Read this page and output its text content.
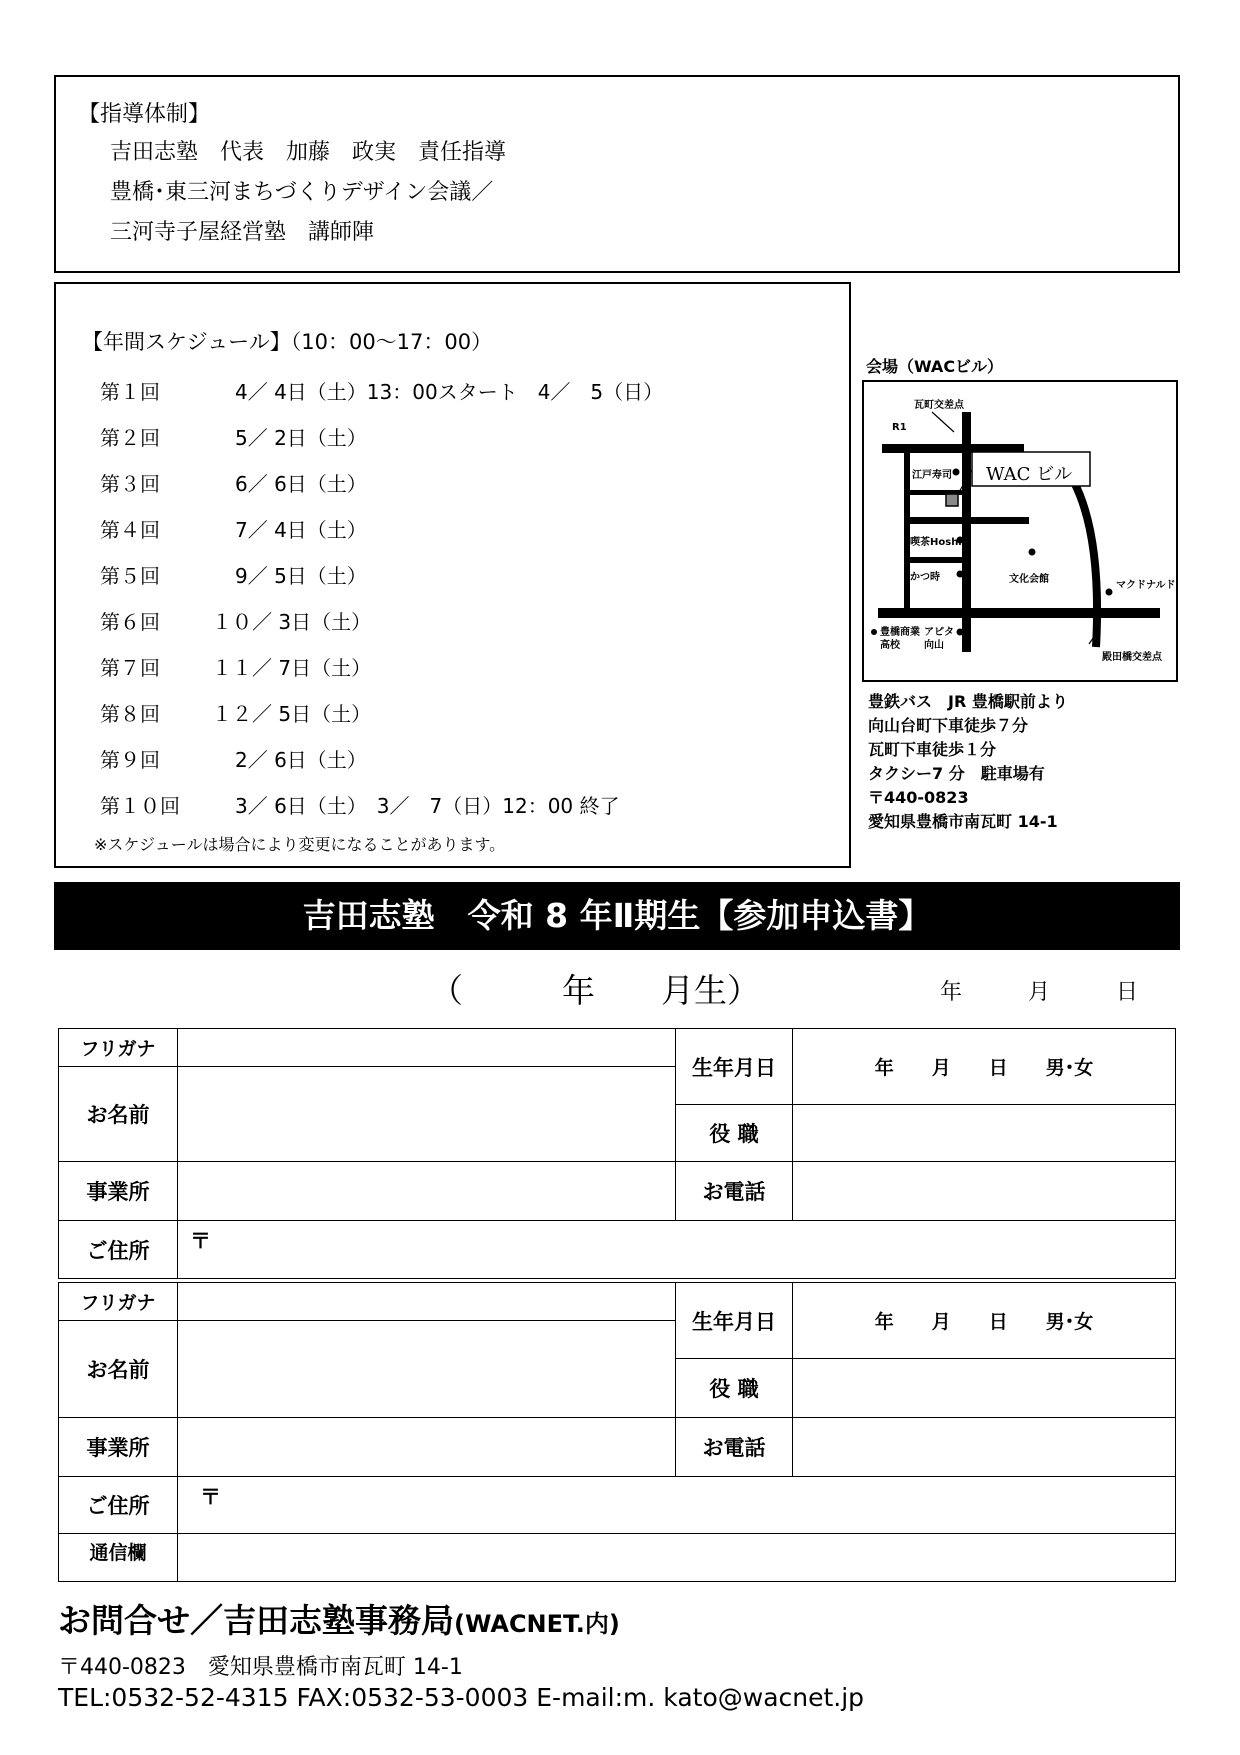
【指導体制】
吉田志塾　代表　加藤　政実　責任指導
豊橋･東三河まちづくりデザイン会議／
三河寺子屋経営塾　講師陣
【年間スケジュール】（10：00～17：00）
第１回	4／ 4日（土）13：00スタート　4／　5（日）
第２回	5／ 2日（土）
第３回	6／ 6日（土）
第４回	7／ 4日（土）
第５回	9／ 5日（土）
第６回	１０／ 3日（土）
第７回	１１／ 7日（土）
第８回	１２／ 5日（土）
第９回	2／ 6日（土）
第１０回	3／ 6日（土）　3／　7（日）12：00 終了
※スケジュールは場合により変更になることがあります。
会場（WACビル）
瓦町交差点
R1
江戸寿司 WAC ビル
喫茶Hoshi
かつ時	文化会館
マクドナルド
豊橋商業高校
アピタ向山
殿田橋交差点
豊鉄バス　JR 豊橋駅前より
向山台町下車徒歩７分
瓦町下車徒歩１分
タクシー7 分　駐車場有
〒440-0823
愛知県豊橋市南瓦町 14-1
吉田志塾　令和 8 年Ⅱ期生【参加申込書】
（　　　年　　月生）	年　　　月　　　日
フリガナ		生年月日	年　　月　　日　　男･女
お名前			
		役 職	
事業所		お電話	
ご住所	〒		
フリガナ		生年月日	年　　月　　日　　男･女
お名前			
		役 職	
事業所		お電話	
ご住所	〒		
通信欄			
お問合せ／吉田志塾事務局(WACNET.内)
〒440-0823　愛知県豊橋市南瓦町 14-1
TEL:0532-52-4315 FAX:0532-53-0003 E-mail:m. kato@wacnet.jp
